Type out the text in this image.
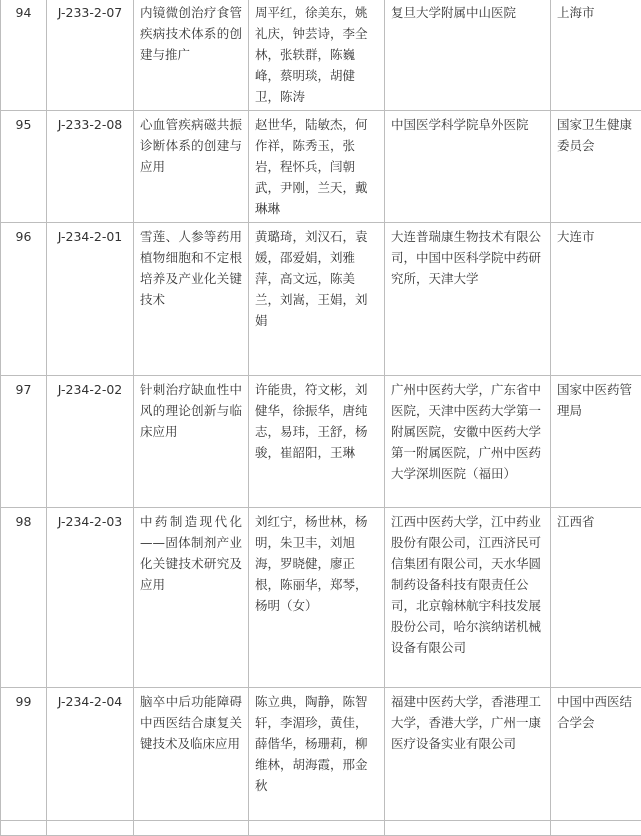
94	J-233-2-07	内镜微创治疗食管疾病技术体系的创建与推广	周平红，徐美东，姚礼庆，钟芸诗，李全林，张轶群，陈巍峰，蔡明琰，胡健卫，陈涛	复旦大学附属中山医院	上海市
95	J-233-2-08	心血管疾病磁共振诊断体系的创建与应用	赵世华，陆敏杰，何作祥，陈秀玉，张岩，程怀兵，闫朝武，尹刚，兰天，戴琳琳	中国医学科学院阜外医院	国家卫生健康
委员会
96	J-234-2-01	雪莲、人参等药用植物细胞和不定根培养及产业化关键技术	黄璐琦，刘汉石，袁媛，邵爱娟，刘雅萍，高文远，陈美兰，刘嵩，王娟，刘娟	大连普瑞康生物技术有限公司，中国中医科学院中药研究所，天津大学	大连市
97	J-234-2-02	针刺治疗缺血性中风的理论创新与临床应用	许能贵，符文彬，刘健华，徐振华，唐纯志，易玮，王舒，杨骏，崔韶阳，王琳	广州中医药大学，广东省中医院，天津中医药大学第一附属医院，安徽中医药大学第一附属医院，广州中医药大学深圳医院（福田）	国家中医药管理局
98	J-234-2-03	中药制造现代化——固体制剂产业化关键技术研究及应用	刘红宁，杨世林，杨明，朱卫丰，刘旭海，罗晓健，廖正根，陈丽华，郑琴，杨明（女）	江西中医药大学，江中药业股份有限公司，江西济民可信集团有限公司，天水华圆制药设备科技有限责任公司，北京翰林航宇科技发展股份公司，哈尔滨纳诺机械设备有限公司	江西省
99	J-234-2-04	脑卒中后功能障碍中西医结合康复关键技术及临床应用	陈立典，陶静，陈智轩，李湄珍，黄佳，薛偕华，杨珊莉，柳维林，胡海霞，邢金秋	福建中医药大学，香港理工大学，香港大学，广州一康医疗设备实业有限公司	中国中西医结合学会
